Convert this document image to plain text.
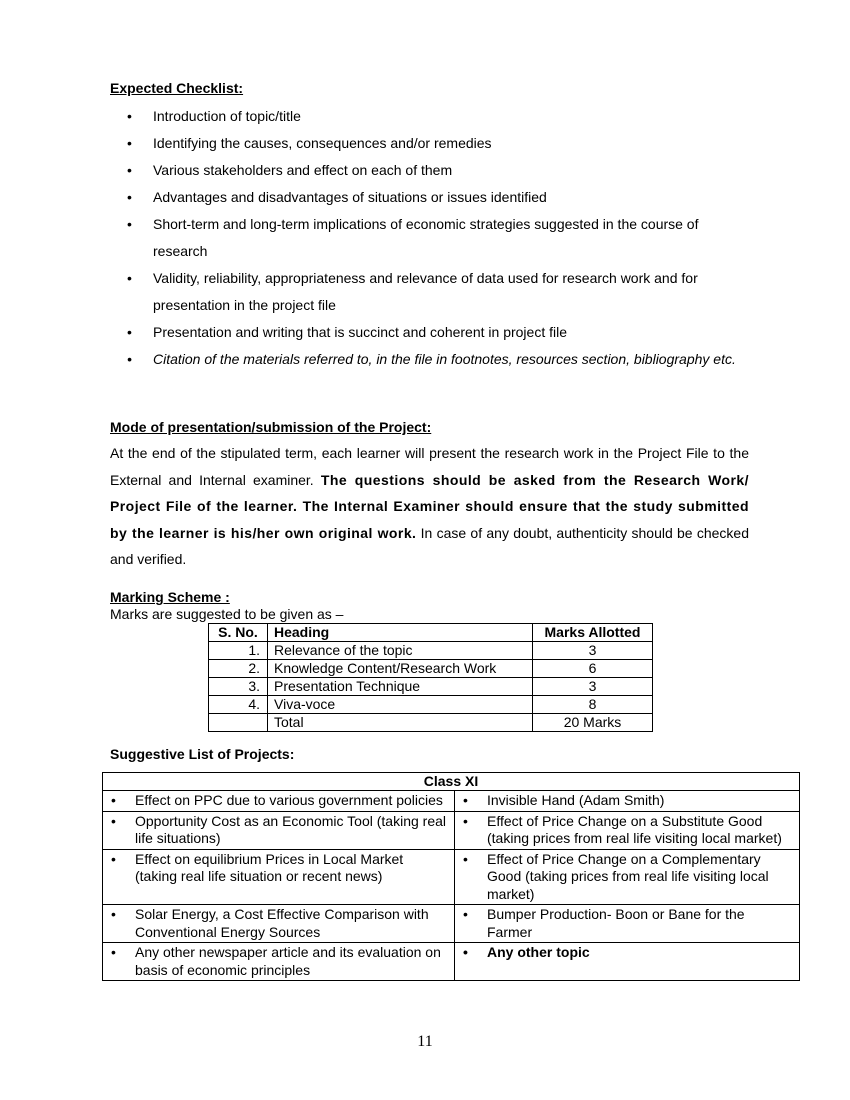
Expected Checklist:
• Introduction of topic/title
• Identifying the causes, consequences and/or remedies
• Various stakeholders and effect on each of them
• Advantages and disadvantages of situations or issues identified
• Short-term and long-term implications of economic strategies suggested in the course of research
• Validity, reliability, appropriateness and relevance of data used for research work and for presentation in the project file
• Presentation and writing that is succinct and coherent in project file
• Citation of the materials referred to, in the file in footnotes, resources section, bibliography etc.
Mode of presentation/submission of the Project:

At the end of the stipulated term, each learner will present the research work in the Project File to the External and Internal examiner. The questions should be asked from the Research Work/ Project File of the learner. The Internal Examiner should ensure that the study submitted by the learner is his/her own original work. In case of any doubt, authenticity should be checked and verified.

Marking Scheme :
Marks are suggested to be given as –
S. No.	Heading	Marks Allotted
1.	Relevance of the topic	3
2.	Knowledge Content/Research Work	6
3.	Presentation Technique	3
4.	Viva-voce	8
	Total	20 Marks
Suggestive List of Projects:
Class XI	

• Effect on PPC due to various government policies	• Invisible Hand (Adam Smith)

• Opportunity Cost as an Economic Tool (taking real life situations)	• Effect of Price Change on a Substitute Good (taking prices from real life visiting local market)

• Effect on equilibrium Prices in Local Market (taking real life situation or recent news)	• Effect of Price Change on a Complementary Good (taking prices from real life visiting local market)

• Solar Energy, a Cost Effective Comparison with Conventional Energy Sources	• Bumper Production- Boon or Bane for the Farmer

• Any other newspaper article and its evaluation on basis of economic principles	• Any other topic
11
